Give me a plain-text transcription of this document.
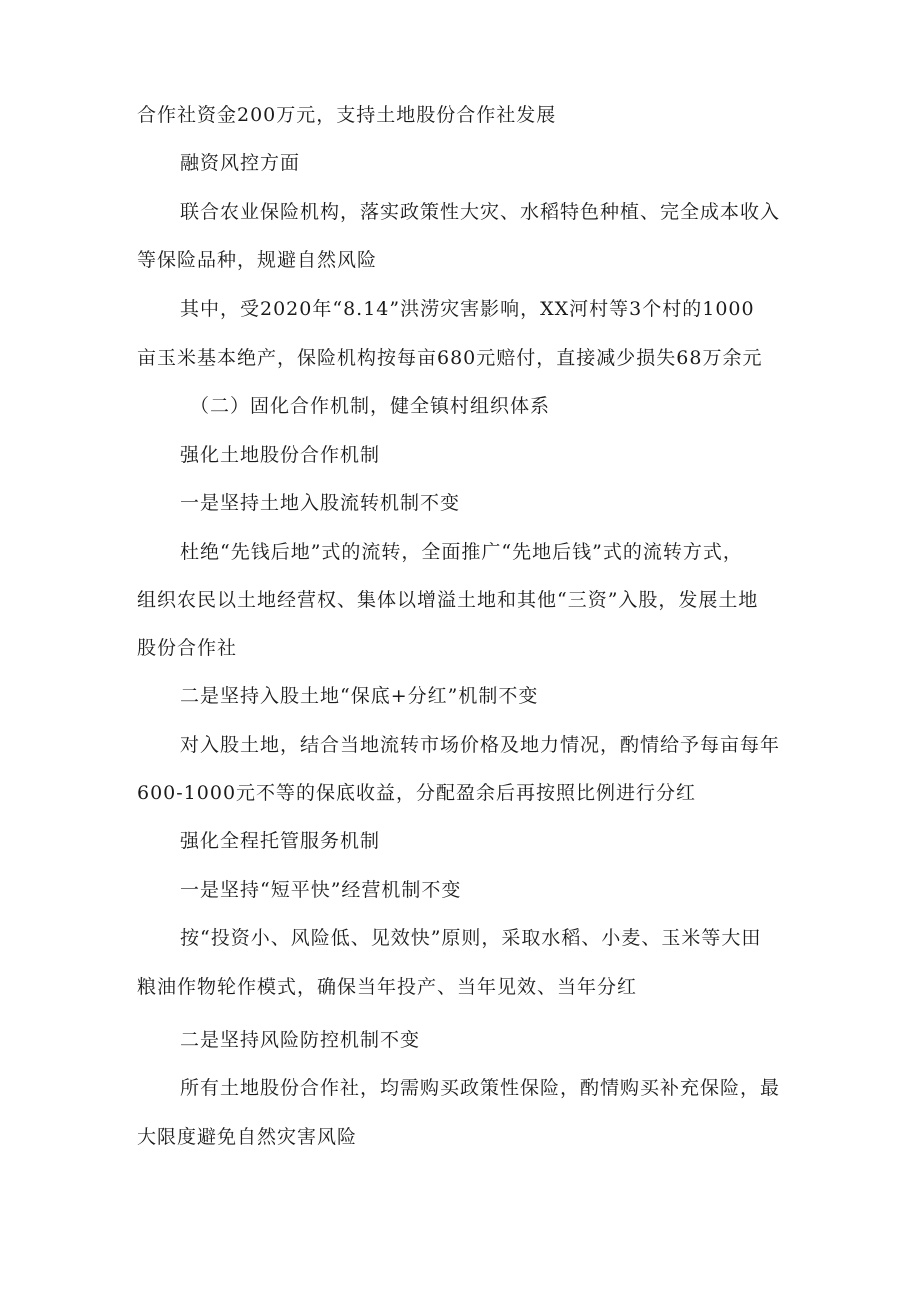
合作社资金200万元，支持土地股份合作社发展
融资风控方面
联合农业保险机构，落实政策性大灾、水稻特色种植、完全成本收入
等保险品种，规避自然风险
其中，受2020年“8.14”洪涝灾害影响，XX河村等3个村的1000
亩玉米基本绝产，保险机构按每亩680元赔付，直接减少损失68万余元
（二）固化合作机制，健全镇村组织体系
强化土地股份合作机制
一是坚持土地入股流转机制不变
杜绝“先钱后地”式的流转，全面推广“先地后钱”式的流转方式，
组织农民以土地经营权、集体以增溢土地和其他“三资”入股，发展土地
股份合作社
二是坚持入股土地“保底+分红”机制不变
对入股土地，结合当地流转市场价格及地力情况，酌情给予每亩每年
600-1000元不等的保底收益，分配盈余后再按照比例进行分红
强化全程托管服务机制
一是坚持“短平快”经营机制不变
按“投资小、风险低、见效快”原则，采取水稻、小麦、玉米等大田
粮油作物轮作模式，确保当年投产、当年见效、当年分红
二是坚持风险防控机制不变
所有土地股份合作社，均需购买政策性保险，酌情购买补充保险，最
大限度避免自然灾害风险
